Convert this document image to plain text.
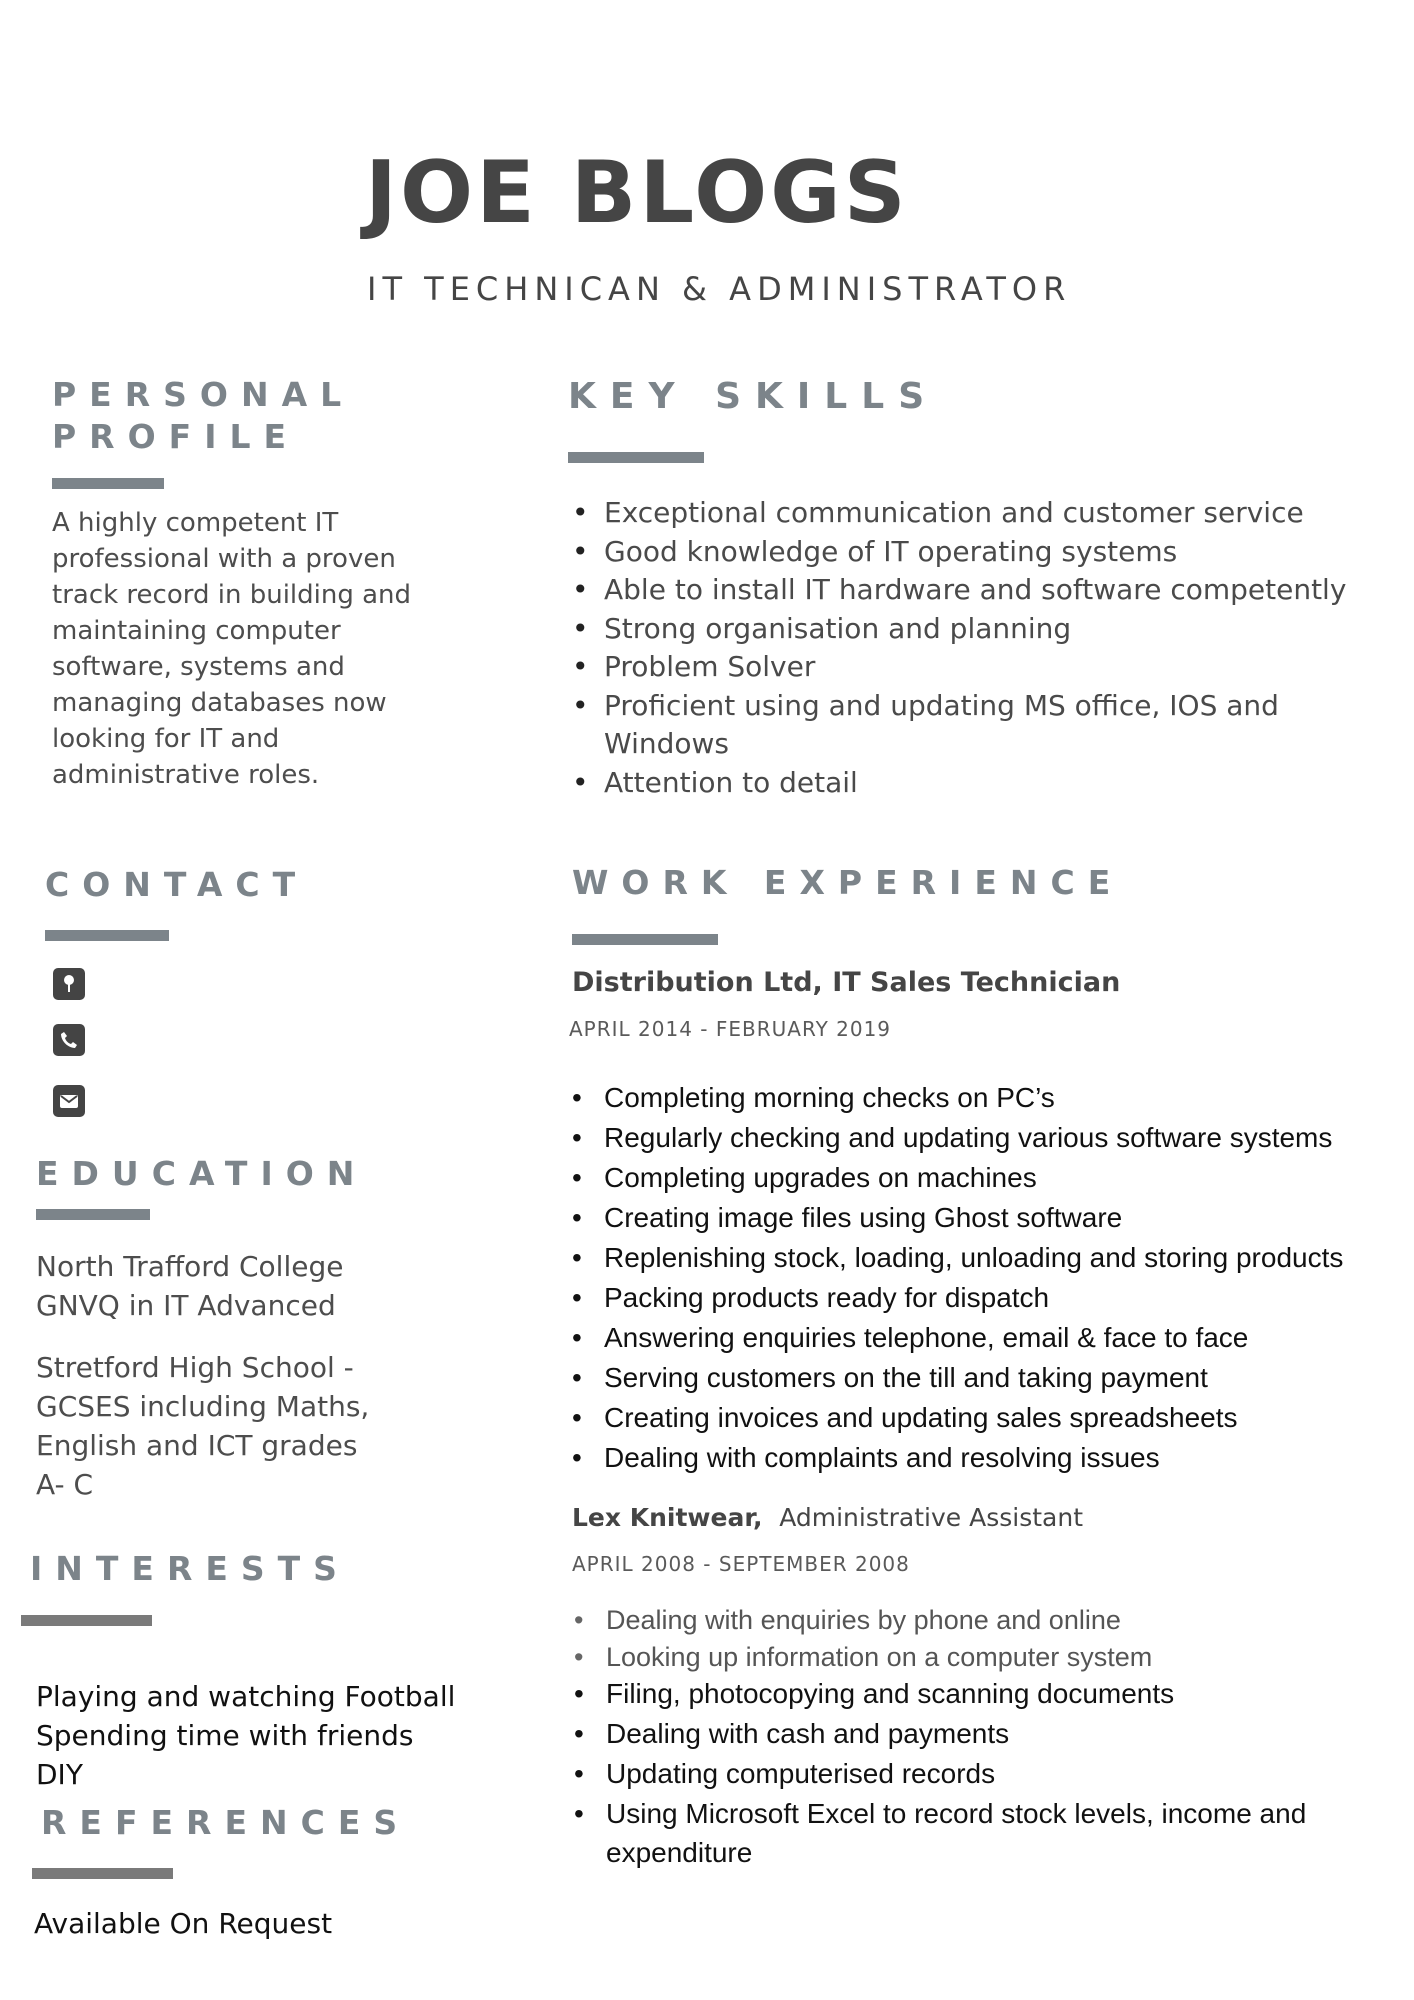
JOE BLOGS
IT TECHNICAN & ADMINISTRATOR
PERSONAL
PROFILE
A highly competent IT professional with a proven track record in building and maintaining computer software, systems and managing databases now looking for IT and administrative roles.
KEY SKILLS
• Exceptional communication and customer service
• Good knowledge of IT operating systems
• Able to install IT hardware and software competently
• Strong organisation and planning
• Problem Solver
• Proficient using and updating MS office, IOS and Windows
• Attention to detail
CONTACT
EDUCATION
North Trafford College
GNVQ in IT Advanced
Stretford High School -
GCSES including Maths,
English and ICT grades
A- C
INTERESTS
Playing and watching Football
Spending time with friends
DIY
REFERENCES
Available On Request
WORK EXPERIENCE
Distribution Ltd, IT Sales Technician
APRIL 2014 - FEBRUARY 2019
• Completing morning checks on PC’s
• Regularly checking and updating various software systems
• Completing upgrades on machines
• Creating image files using Ghost software
• Replenishing stock, loading, unloading and storing products
• Packing products ready for dispatch
• Answering enquiries telephone, email & face to face
• Serving customers on the till and taking payment
• Creating invoices and updating sales spreadsheets
• Dealing with complaints and resolving issues
Lex Knitwear, Administrative Assistant
APRIL 2008 - SEPTEMBER 2008
• Dealing with enquiries by phone and online
• Looking up information on a computer system
• Filing, photocopying and scanning documents
• Dealing with cash and payments
• Updating computerised records
• Using Microsoft Excel to record stock levels, income and expenditure
